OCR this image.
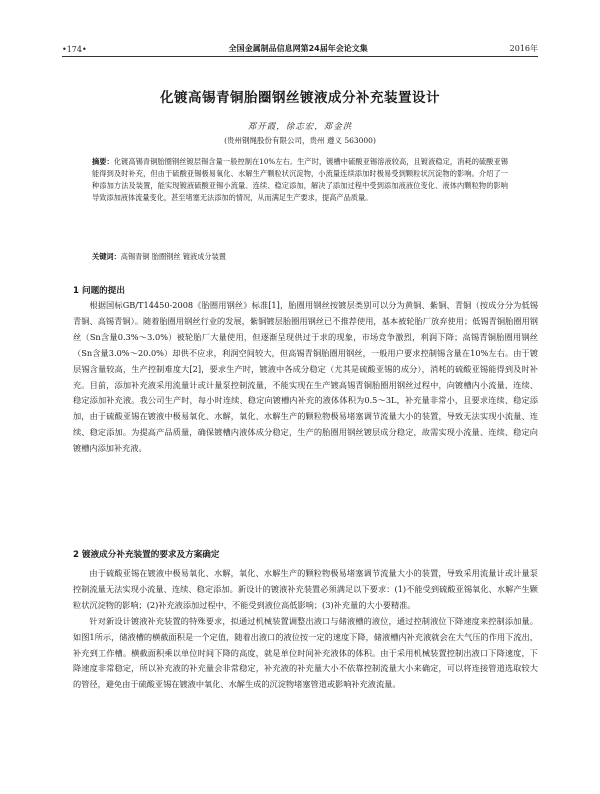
•174•	全国金属制品信息网第24届年会论文集	2016年
化镀高锡青铜胎圈钢丝镀液成分补充装置设计
郑开霞，徐志宏，郑金洪
(贵州钢绳股份有限公司，贵州 遵义 563000)
摘要：化镀高锡青铜胎圈钢丝镀层锡含量一般控制在10%左右。生产时，镀槽中硫酸亚锡溶液较高，且镀液稳定，消耗的硫酸亚锡能得到及时补充，但由于硫酸亚锡极易氧化、水解生产颗粒状沉淀物，小流量连续添加时极易受到颗粒状沉淀物的影响。介绍了一种添加方法及装置，能实现镀液硫酸亚锡小流量、连续、稳定添加，解决了添加过程中受到添加液液位变化、液体内颗粒物的影响导致添加液体流量变化，甚至堵塞无法添加的情况，从而满足生产要求，提高产品质量。
关键词：高锡青铜 胎圈钢丝 镀液成分装置
1 问题的提出

根据国标GB/T14450-2008《胎圈用钢丝》标准[1]，胎圈用钢丝按镀层类别可以分为黄铜、紫铜、青铜（按成分分为低锡青铜、高锡青铜）。随着胎圈用钢丝行业的发展，紫铜镀层胎圈用钢丝已不推荐使用，基本被轮胎厂放弃使用；低锡青铜胎圈用钢丝（Sn含量0.3%～3.0%）被轮胎厂大量使用，但逐渐呈现供过于求的现象，市场竞争激烈，利润下降；高锡青铜胎圈用钢丝（Sn含量3.0%～20.0%）却供不应求，利润空间较大，但高锡青铜胎圈用钢丝，一般用户要求控制锡含量在10%左右。由于镀层锡含量较高，生产控制难度大[2]，要求生产时，镀液中各成分稳定（尤其是硫酸亚锡的成分），消耗的硫酸亚锡能得到及时补充。目前，添加补充液采用流量计或计量泵控制流量，不能实现在生产镀高锡青铜胎圈用钢丝过程中，向镀槽内小流量、连续、稳定添加补充液。我公司生产时，每小时连续、稳定向镀槽内补充的液体体积为0.5～3L，补充量非常小，且要求连续、稳定添加，由于硫酸亚锡在镀液中极易氧化、水解，氧化、水解生产的颗粒物极易堵塞调节流量大小的装置，导致无法实现小流量、连续、稳定添加。为提高产品质量，确保镀槽内液体成分稳定，生产的胎圈用钢丝镀层成分稳定，故需实现小流量、连续、稳定向镀槽内添加补充液。

2 镀液成分补充装置的要求及方案确定

由于硫酸亚锡在镀液中极易氧化、水解，氧化、水解生产的颗粒物极易堵塞调节流量大小的装置，导致采用流量计或计量泵控制流量无法实现小流量、连续、稳定添加。新设计的镀液补充装置必须满足以下要求：(1)不能受到硫酸亚锡氧化、水解产生颗粒状沉淀物的影响；(2)补充液添加过程中，不能受到液位高低影响；(3)补充量的大小要精准。

针对新设计镀液补充装置的特殊要求，拟通过机械装置调整出液口与储液槽的液位，通过控制液位下降速度来控制添加量。如图1所示，储液槽的横截面积是一个定值，随着出液口的液位按一定的速度下降，储液槽内补充液就会在大气压的作用下流出，补充到工作槽。横截面积乘以单位时间下降的高度，就是单位时间补充液体的体积。由于采用机械装置控制出液口下降速度，下降速度非常稳定，所以补充液的补充量会非常稳定，补充液的补充量大小不依靠控制流量大小来确定，可以将连接管道选取较大的管径，避免由于硫酸亚锡在镀液中氧化、水解生成的沉淀物堵塞管道或影响补充液流量。
